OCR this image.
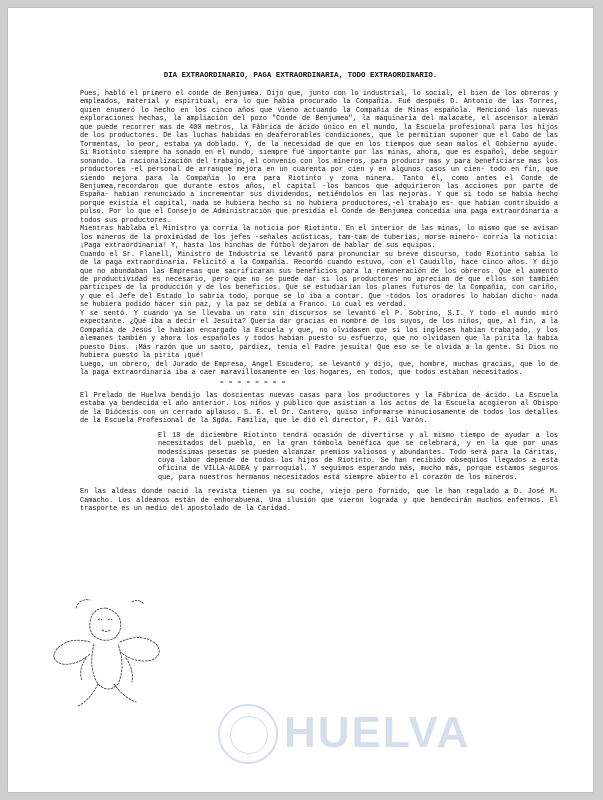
DIA EXTRAORDINARIO, PAGA EXTRAORDINARIA, TODO EXTRAORDINARIO.

Pues, habló el primero el conde de Benjumea. Dijo que, junto con lo industrial, lo social, el bien de los obreros y empleados, material y espiritual, era lo que había procurado la Compañía. Fué después D. Antonio de las Torres, quien enumeró lo hecho en los cinco años que vieno actuando la Compañía de Minas española. Mencionó las nuevas exploraciones hechas, la ampliación del pozo "Conde de Benjumea", la maquinaria del malacate, el ascensor alemán que puede recorrer mas de 400 metros, la Fábrica de ácido único en el mundo, la Escuela profesional para los hijos de los productores. De las luchas habidas en deaferorables condiciones, que le permitian suponer que el Cabo de las Tormentas, lo peor, estaba ya doblado. Y, de la necesidad de que en los tiempos que sean malos el Gobierno ayude. Si Riotinto siempre ha sonado en el mundo, siempre fué importante por las minas, ahora, que es español, debe seguir sonando. La racionalización del trabajo, el convenio con los mineros, para producir mas y para beneficiarse mas los productores -el personal de arranque mejora en un cuarenta por cien y en algunos casos un cien- todo en fin, que siendo mejora para la Compañía lo era para Riotinto y zona minera. Tanto él, como antes el Conde de Benjumea,recordaron que durante estos años, el capital -los bancos que adquirieron las acciones por parte de España- habían renunciado a incrementar sus dividendos, metiéndolos en las mejoras. Y que si todo se había hecho porque existía el capital, nada se hubiera hecho si no hubiera productores,-el trabajo es- que habían contribuido a pulso. Por lo que el Consejo de Administración que presidía el Conde de Benjumea concedía una paga extraordinaria a todos sus productores.

Mientras hablaba el Ministro ya corría la noticia por Riotinto. En el interior de las minas, lo mismo que se avisan los mineros de la proximidad de los jefes -señales acústicas, tam-tam de tuberías, morse minero- corría la noticia: ¡Paga extraordinaria! Y, hasta los hinchas de fútbol dejaron de hablar de sus equipos.

Cuando el Sr. Flanell, Ministro de Industria se levantó para pronunciar su breve discurso, todo Riotinto sabía lo de la paga extraordinaria. Felicitó a la Compañía. Recordó cuando estuvo, con el Caudillo, hace cinco años. Y dijo que no abundaban las Empresas que sacrificaran sus beneficios para la remuneración de los obreros. Que el aumento de productividad es necesario, pero que no se puede dar si los productores no aprecian de que ellos son también partícipes de la producción y de los beneficios. Que se estudiarían los planes futuros de la Compañía, con cariño, y que el Jefe del Estado lo sabría todo, porque se lo iba a contar. Que -todos los oradores lo habían dicho- nada se hubiera podido hacer sin paz, y la paz se debía a Franco. Lo cual es verdad.

Y se sentó. Y cuando ya se llevaba un rato sin discursos se levantó el P. Sobrino, S.I. Y todo el mundo miró expectante. ¿Qué iba a decir el Jesuita? Quería dar gracias en nombre de los suyos, de los niños, que, al fin, a la Compañía de Jesús le habían encargado la Escuela y que, no olvidasen que si los ingleses habían trabajado, y los alemanes también y ahora los españoles y todos habían puesto su esfuerzo, que no olvidasen que la pirita la había puesto Dios. ¡Más razón que un santo, pardiez, tenía el Padre jesuita! Que eso se le olvida a la gente. Si Dios no hubiera puesto la pirita ¡qué!

Luego, un obrero, del Jurado de Empresa, Angel Escudero, se levantó y dijo, que, hombre, muchas gracias, que lo de la paga extraordinaria iba a caer maravillosamente en los hogares, en todos, que todos estaban necesitados.

= = = = = = = =

El Prelado de Huelva bendijo las doscientas nuevas casas para los productores y la Fábrica de ácido. La Escuela estaba ya bendecida el año anterior. Los niños y público que asistían a los actos de la Escuela acogieron al Obispo de la Diócesis con un cerrado aplauso. S. E. el Dr. Cantero, quiso informarse minuciosamente de todos los detalles de la Escuela Profesional de la Sgda. Familia, que le dió el director, P. Gil Varón.

El 18 de diciembre Riotinto tendrá ocasión de divertirse y al mismo tiempo de ayudar a los necesitados del pueblo, en la gran tómbola benéfica que se celebrará, y en la que por unas modesísimas pesetas se pueden alcanzar premios valiosos y abundantes. Todo será para la Cáritas, cuya labor depende de todos los hijos de Riotinto. Se han recibido obsequios llegados a esta oficina de VILLA-ALDEA y parroquial. Y seguimos esperando más, mucho más, porque estamos seguros que, para nuestros hermanos necesitados está siempre abierto el corazón de los mineros.

En las aldeas donde nació la revista tienen ya su coche, viejo pero fornido, que le han regalado a D. José M. Camacho. Los aldeanos están de enhorabuena. Una ilusión que vieron lograda y que bendecirán muchos enfermos. El trasporte es un medio del apostolado de la Caridad.

HUELVA
